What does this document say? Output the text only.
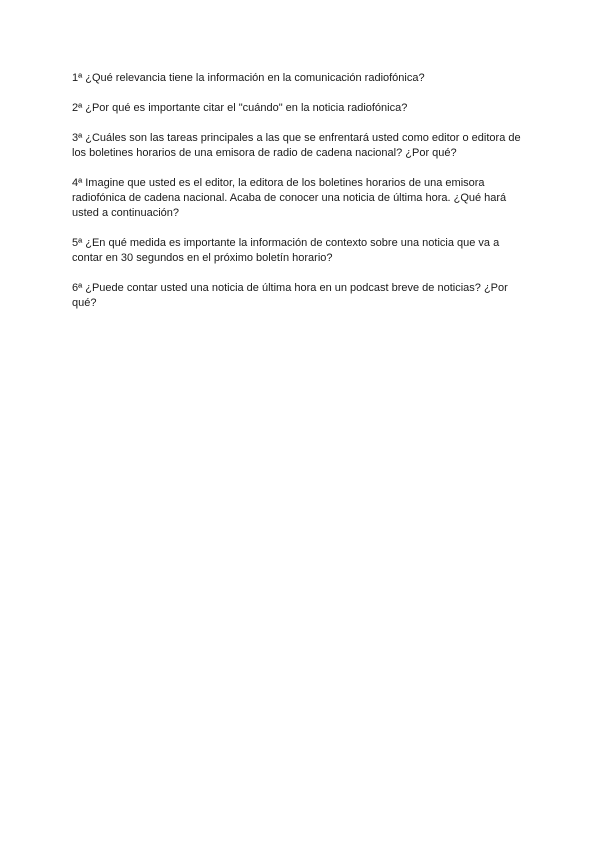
1ª ¿Qué relevancia tiene la información en la comunicación radiofónica?

2ª ¿Por qué es importante citar el "cuándo" en la noticia radiofónica?

3ª ¿Cuáles son las tareas principales a las que se enfrentará usted como editor o editora de los boletines horarios de una emisora de radio de cadena nacional? ¿Por qué?

4ª Imagine que usted es el editor, la editora de los boletines horarios de una emisora radiofónica de cadena nacional. Acaba de conocer una noticia de última hora. ¿Qué hará usted a continuación?

5ª ¿En qué medida es importante la información de contexto sobre una noticia que va a contar en 30 segundos en el próximo boletín horario?

6ª ¿Puede contar usted una noticia de última hora en un podcast breve de noticias? ¿Por qué?
